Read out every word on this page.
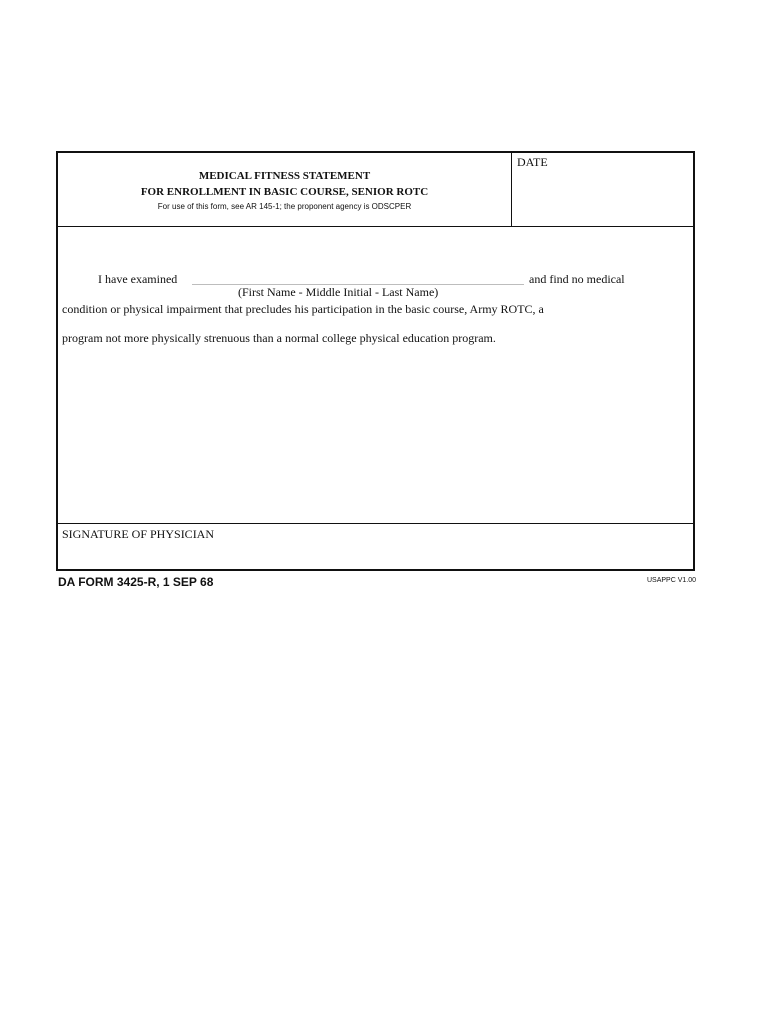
MEDICAL FITNESS STATEMENT
FOR ENROLLMENT IN BASIC COURSE, SENIOR ROTC
For use of this form, see AR 145-1; the proponent agency is ODSCPER
DATE
I have examined	and find no medical
(First Name - Middle Initial - Last Name)
condition or physical impairment that precludes his participation in the basic course, Army ROTC, a
program not more physically strenuous than a normal college physical education program.
SIGNATURE OF PHYSICIAN
DA FORM 3425-R, 1 SEP 68	USAPPC V1.00
